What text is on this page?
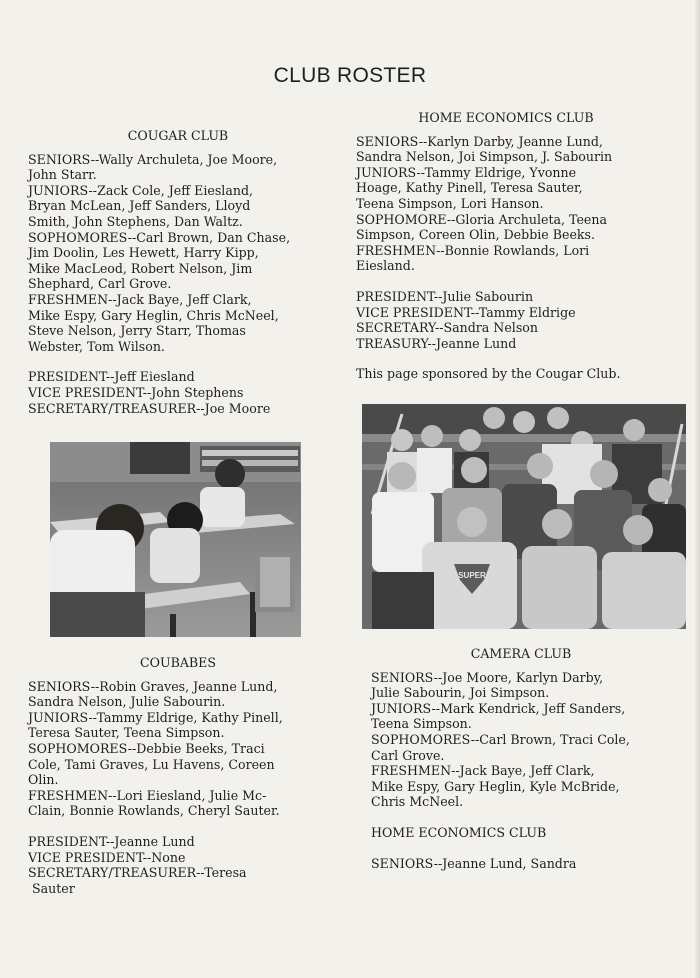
CLUB ROSTER

COUGAR CLUB

SENIORS--Wally Archuleta, Joe Moore,

John Starr.

JUNIORS--Zack Cole, Jeff Eiesland,

Bryan McLean, Jeff Sanders, Lloyd

Smith, John Stephens, Dan Waltz.

SOPHOMORES--Carl Brown, Dan Chase,

Jim Doolin, Les Hewett, Harry Kipp,

Mike MacLeod, Robert Nelson, Jim

Shephard, Carl Grove.

FRESHMEN--Jack Baye, Jeff Clark,

Mike Espy, Gary Heglin, Chris McNeel,

Steve Nelson, Jerry Starr, Thomas

Webster, Tom Wilson.

PRESIDENT--Jeff Eiesland

VICE PRESIDENT--John Stephens

SECRETARY/TREASURER--Joe Moore

COUBABES

SENIORS--Robin Graves, Jeanne Lund,

Sandra Nelson, Julie Sabourin.

JUNIORS--Tammy Eldrige, Kathy Pinell,

Teresa Sauter, Teena Simpson.

SOPHOMORES--Debbie Beeks, Traci

Cole, Tami Graves, Lu Havens, Coreen

Olin.

FRESHMEN--Lori Eiesland, Julie Mc-

Clain, Bonnie Rowlands, Cheryl Sauter.

PRESIDENT--Jeanne Lund

VICE PRESIDENT--None

SECRETARY/TREASURER--Teresa

Sauter

HOME ECONOMICS CLUB

SENIORS--Karlyn Darby, Jeanne Lund,

Sandra Nelson, Joi Simpson, J. Sabourin

JUNIORS--Tammy Eldrige, Yvonne

Hoage, Kathy Pinell, Teresa Sauter,

Teena Simpson, Lori Hanson.

SOPHOMORE--Gloria Archuleta, Teena

Simpson, Coreen Olin, Debbie Beeks.

FRESHMEN--Bonnie Rowlands, Lori

Eiesland.

PRESIDENT--Julie Sabourin

VICE PRESIDENT--Tammy Eldrige

SECRETARY--Sandra Nelson

TREASURY--Jeanne Lund

This page sponsored by the Cougar Club.

SUPER

CAMERA CLUB

SENIORS--Joe Moore, Karlyn Darby,

Julie Sabourin, Joi Simpson.

JUNIORS--Mark Kendrick, Jeff Sanders,

Teena Simpson.

SOPHOMORES--Carl Brown, Traci Cole,

Carl Grove.

FRESHMEN--Jack Baye, Jeff Clark,

Mike Espy, Gary Heglin, Kyle McBride,

Chris McNeel.

HOME ECONOMICS CLUB

SENIORS--Jeanne Lund, Sandra
